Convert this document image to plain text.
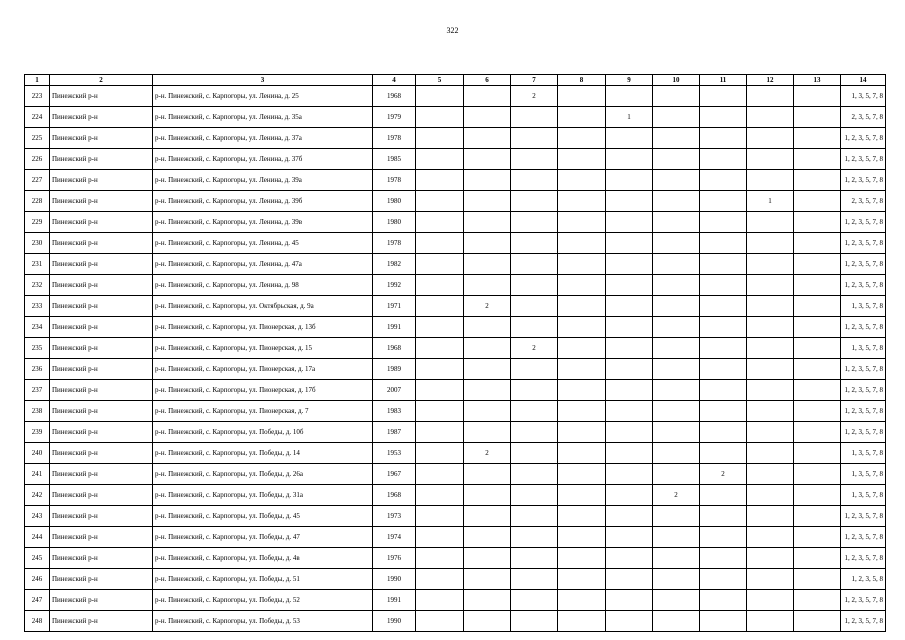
322
1	2	3	4	5	6	7	8	9	10	11	12	13	14
223	Пинежский р-н	р-н. Пинежский, с. Карпогоры, ул. Ленина, д. 25	1968			2							1, 3, 5, 7, 8
224	Пинежский р-н	р-н. Пинежский, с. Карпогоры, ул. Ленина, д. 35а	1979					1					2, 3, 5, 7, 8
225	Пинежский р-н	р-н. Пинежский, с. Карпогоры, ул. Ленина, д. 37а	1978										1, 2, 3, 5, 7, 8
226	Пинежский р-н	р-н. Пинежский, с. Карпогоры, ул. Ленина, д. 37б	1985										1, 2, 3, 5, 7, 8
227	Пинежский р-н	р-н. Пинежский, с. Карпогоры, ул. Ленина, д. 39а	1978										1, 2, 3, 5, 7, 8
228	Пинежский р-н	р-н. Пинежский, с. Карпогоры, ул. Ленина, д. 39б	1980								1		2, 3, 5, 7, 8
229	Пинежский р-н	р-н. Пинежский, с. Карпогоры, ул. Ленина, д. 39в	1980										1, 2, 3, 5, 7, 8
230	Пинежский р-н	р-н. Пинежский, с. Карпогоры, ул. Ленина, д. 45	1978										1, 2, 3, 5, 7, 8
231	Пинежский р-н	р-н. Пинежский, с. Карпогоры, ул. Ленина, д. 47а	1982										1, 2, 3, 5, 7, 8
232	Пинежский р-н	р-н. Пинежский, с. Карпогоры, ул. Ленина, д. 98	1992										1, 2, 3, 5, 7, 8
233	Пинежский р-н	р-н. Пинежский, с. Карпогоры, ул. Октябрьская, д. 9а	1971		2								1, 3, 5, 7, 8
234	Пинежский р-н	р-н. Пинежский, с. Карпогоры, ул. Пионерская, д. 13б	1991										1, 2, 3, 5, 7, 8
235	Пинежский р-н	р-н. Пинежский, с. Карпогоры, ул. Пионерская, д. 15	1968			2							1, 3, 5, 7, 8
236	Пинежский р-н	р-н. Пинежский, с. Карпогоры, ул. Пионерская, д. 17а	1989										1, 2, 3, 5, 7, 8
237	Пинежский р-н	р-н. Пинежский, с. Карпогоры, ул. Пионерская, д. 17б	2007										1, 2, 3, 5, 7, 8
238	Пинежский р-н	р-н. Пинежский, с. Карпогоры, ул. Пионерская, д. 7	1983										1, 2, 3, 5, 7, 8
239	Пинежский р-н	р-н. Пинежский, с. Карпогоры, ул. Победы, д. 10б	1987										1, 2, 3, 5, 7, 8
240	Пинежский р-н	р-н. Пинежский, с. Карпогоры, ул. Победы, д. 14	1953		2								1, 3, 5, 7, 8
241	Пинежский р-н	р-н. Пинежский, с. Карпогоры, ул. Победы, д. 26а	1967							2			1, 3, 5, 7, 8
242	Пинежский р-н	р-н. Пинежский, с. Карпогоры, ул. Победы, д. 31а	1968						2				1, 3, 5, 7, 8
243	Пинежский р-н	р-н. Пинежский, с. Карпогоры, ул. Победы, д. 45	1973										1, 2, 3, 5, 7, 8
244	Пинежский р-н	р-н. Пинежский, с. Карпогоры, ул. Победы, д. 47	1974										1, 2, 3, 5, 7, 8
245	Пинежский р-н	р-н. Пинежский, с. Карпогоры, ул. Победы, д. 4в	1976										1, 2, 3, 5, 7, 8
246	Пинежский р-н	р-н. Пинежский, с. Карпогоры, ул. Победы, д. 51	1990										1, 2, 3, 5, 8
247	Пинежский р-н	р-н. Пинежский, с. Карпогоры, ул. Победы, д. 52	1991										1, 2, 3, 5, 7, 8
248	Пинежский р-н	р-н. Пинежский, с. Карпогоры, ул. Победы, д. 53	1990										1, 2, 3, 5, 7, 8
